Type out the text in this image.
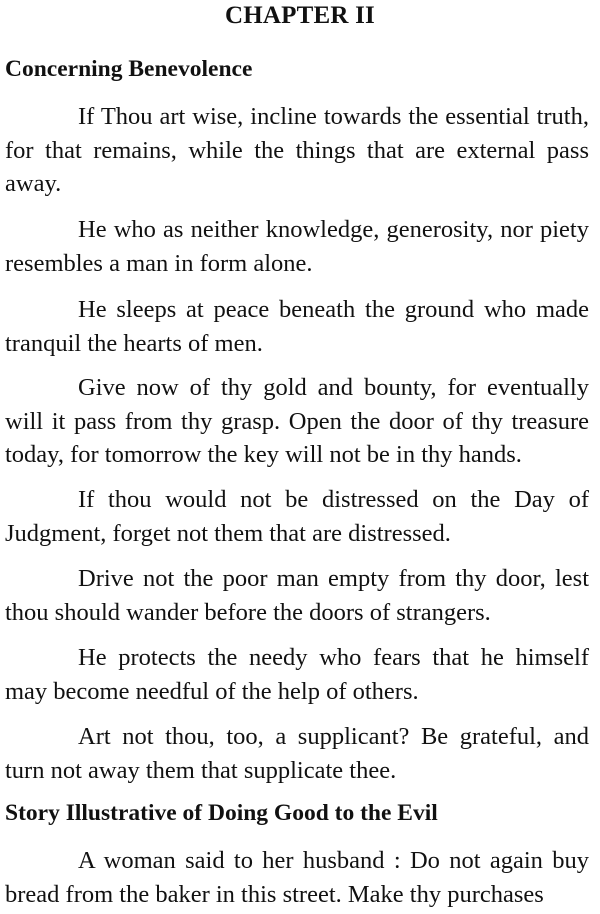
CHAPTER II
Concerning Benevolence

If Thou art wise, incline towards the essential truth, for that remains, while the things that are external pass away.

He who as neither knowledge, generosity, nor piety resembles a man in form alone.

He sleeps at peace beneath the ground who made tranquil the hearts of men.

Give now of thy gold and bounty, for eventually will it pass from thy grasp. Open the door of thy treasure today, for tomorrow the key will not be in thy hands.

If thou would not be distressed on the Day of Judgment, forget not them that are distressed.

Drive not the poor man empty from thy door, lest thou should wander before the doors of strangers.

He protects the needy who fears that he himself may become needful of the help of others.

Art not thou, too, a supplicant? Be grateful, and turn not away them that supplicate thee.

Story Illustrative of Doing Good to the Evil

A woman said to her husband : Do not again buy bread from the baker in this street. Make thy purchases
